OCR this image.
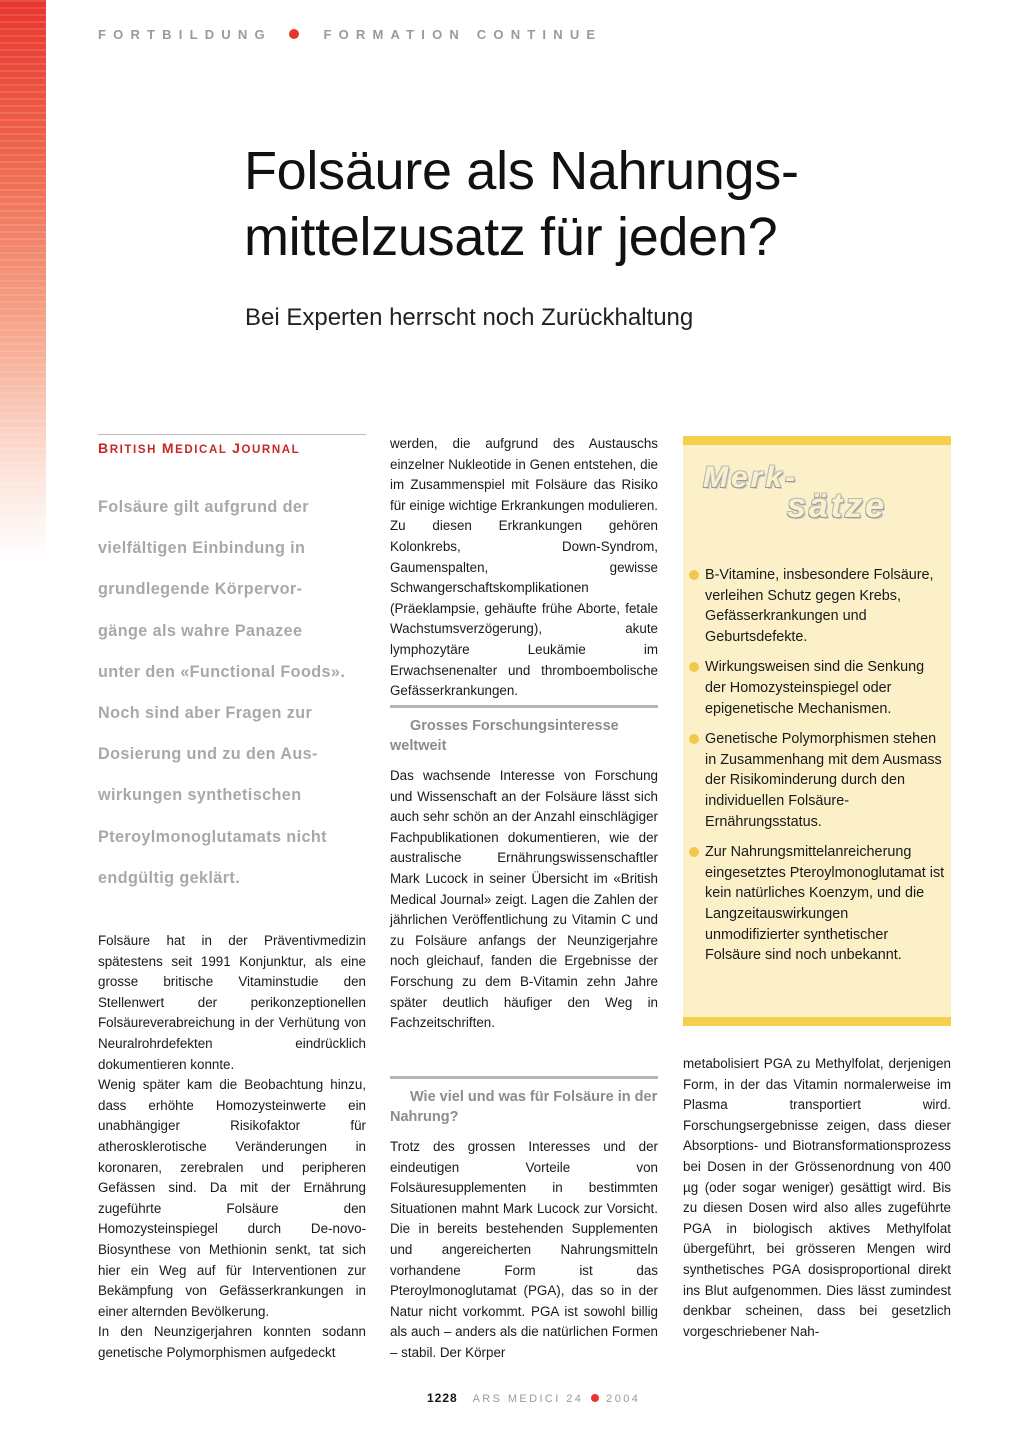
FORTBILDUNG	FORMATION CONTINUE
Folsäure als Nahrungs-
mittelzusatz für jeden?
Bei Experten herrscht noch Zurückhaltung
BRITISH MEDICAL JOURNAL
Folsäure gilt aufgrund der
vielfältigen Einbindung in
grundlegende Körpervor-
gänge als wahre Panazee
unter den «Functional Foods».
Noch sind aber Fragen zur
Dosierung und zu den Aus-
wirkungen synthetischen
Pteroylmonoglutamats nicht
endgültig geklärt.

Folsäure hat in der Präventivmedizin spätestens seit 1991 Konjunktur, als eine grosse britische Vitaminstudie den Stellenwert der perikonzeptionellen Folsäureverabreichung in der Verhütung von Neuralrohrdefekten eindrücklich dokumentieren konnte.

Wenig später kam die Beobachtung hinzu, dass erhöhte Homozysteinwerte ein unabhängiger Risikofaktor für atherosklerotische Veränderungen in koronaren, zerebralen und peripheren Gefässen sind. Da mit der Ernährung zugeführte Folsäure den Homozysteinspiegel durch De-novo-Biosynthese von Methionin senkt, tat sich hier ein Weg auf für Interventionen zur Bekämpfung von Gefässerkrankungen in einer alternden Bevölkerung.

In den Neunzigerjahren konnten sodann genetische Polymorphismen aufgedeckt

werden, die aufgrund des Austauschs einzelner Nukleotide in Genen entstehen, die im Zusammenspiel mit Folsäure das Risiko für einige wichtige Erkrankungen modulieren. Zu diesen Erkrankungen gehören Kolonkrebs, Down-Syndrom, Gaumenspalten, gewisse Schwangerschaftskomplikationen (Präeklampsie, gehäufte frühe Aborte, fetale Wachstumsverzögerung), akute lymphozytäre Leukämie im Erwachsenenalter und thromboembolische Gefässerkrankungen.

Grosses Forschungsinteresse weltweit

Das wachsende Interesse von Forschung und Wissenschaft an der Folsäure lässt sich auch sehr schön an der Anzahl einschlägiger Fachpublikationen dokumentieren, wie der australische Ernährungswissenschaftler Mark Lucock in seiner Übersicht im «British Medical Journal» zeigt. Lagen die Zahlen der jährlichen Veröffentlichung zu Vitamin C und zu Folsäure anfangs der Neunzigerjahre noch gleichauf, fanden die Ergebnisse der Forschung zu dem B-Vitamin zehn Jahre später deutlich häufiger den Weg in Fachzeitschriften.

Wie viel und was für Folsäure in der Nahrung?

Trotz des grossen Interesses und der eindeutigen Vorteile von Folsäuresupplementen in bestimmten Situationen mahnt Mark Lucock zur Vorsicht. Die in bereits bestehenden Supplementen und angereicherten Nahrungsmitteln vorhandene Form ist das Pteroylmonoglutamat (PGA), das so in der Natur nicht vorkommt. PGA ist sowohl billig als auch – anders als die natürlichen Formen – stabil. Der Körper

Merk-
sätze
B-Vitamine, insbesondere Folsäure, verleihen Schutz gegen Krebs, Gefässerkrankungen und Geburtsdefekte.
Wirkungsweisen sind die Senkung der Homozysteinspiegel oder epigenetische Mechanismen.
Genetische Polymorphismen stehen in Zusammenhang mit dem Ausmass der Risikominderung durch den individuellen Folsäure-Ernährungsstatus.
Zur Nahrungsmittelanreicherung eingesetztes Pteroylmonoglutamat ist kein natürliches Koenzym, und die Langzeitauswirkungen unmodifizierter synthetischer Folsäure sind noch unbekannt.

metabolisiert PGA zu Methylfolat, derjenigen Form, in der das Vitamin normalerweise im Plasma transportiert wird. Forschungsergebnisse zeigen, dass dieser Absorptions- und Biotransformationsprozess bei Dosen in der Grössenordnung von 400 µg (oder sogar weniger) gesättigt wird. Bis zu diesen Dosen wird also alles zugeführte PGA in biologisch aktives Methylfolat übergeführt, bei grösseren Mengen wird synthetisches PGA dosisproportional direkt ins Blut aufgenommen. Dies lässt zumindest denkbar scheinen, dass bei gesetzlich vorgeschriebener Nah-

1228 ARS MEDICI 24 2004
